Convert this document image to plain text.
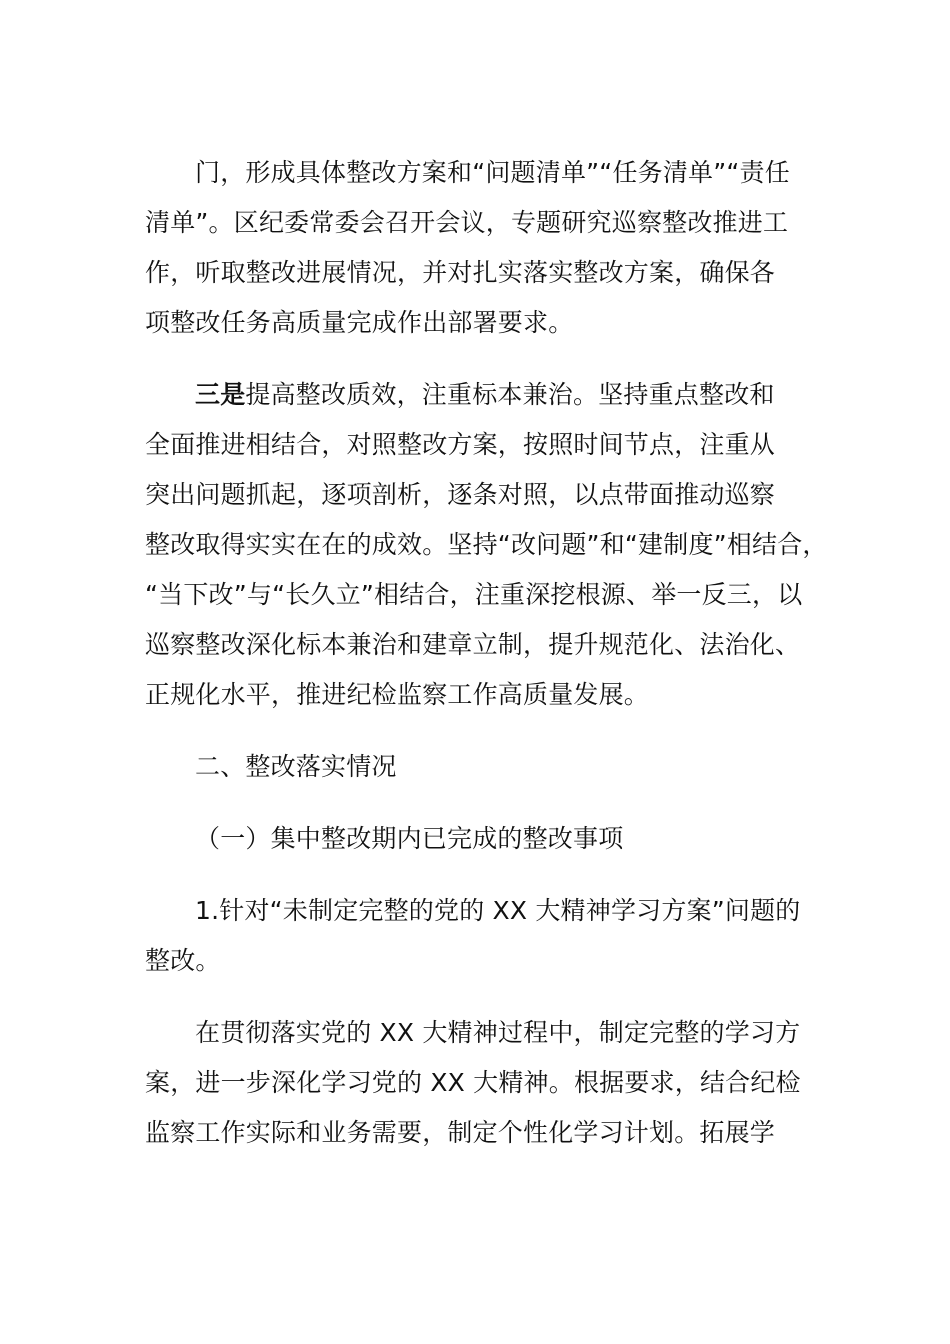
门，形成具体整改方案和“问题清单”“任务清单”“责任
清单”。区纪委常委会召开会议，专题研究巡察整改推进工
作，听取整改进展情况，并对扎实落实整改方案，确保各
项整改任务高质量完成作出部署要求。
三是提高整改质效，注重标本兼治。坚持重点整改和
全面推进相结合，对照整改方案，按照时间节点，注重从
突出问题抓起，逐项剖析，逐条对照，以点带面推动巡察
整改取得实实在在的成效。坚持“改问题”和“建制度”相结合，
“当下改”与“长久立”相结合，注重深挖根源、举一反三，以
巡察整改深化标本兼治和建章立制，提升规范化、法治化、
正规化水平，推进纪检监察工作高质量发展。
二、整改落实情况
（一）集中整改期内已完成的整改事项
1.针对“未制定完整的党的 XX 大精神学习方案”问题的
整改。
在贯彻落实党的 XX 大精神过程中，制定完整的学习方
案，进一步深化学习党的 XX 大精神。根据要求，结合纪检
监察工作实际和业务需要，制定个性化学习计划。拓展学
